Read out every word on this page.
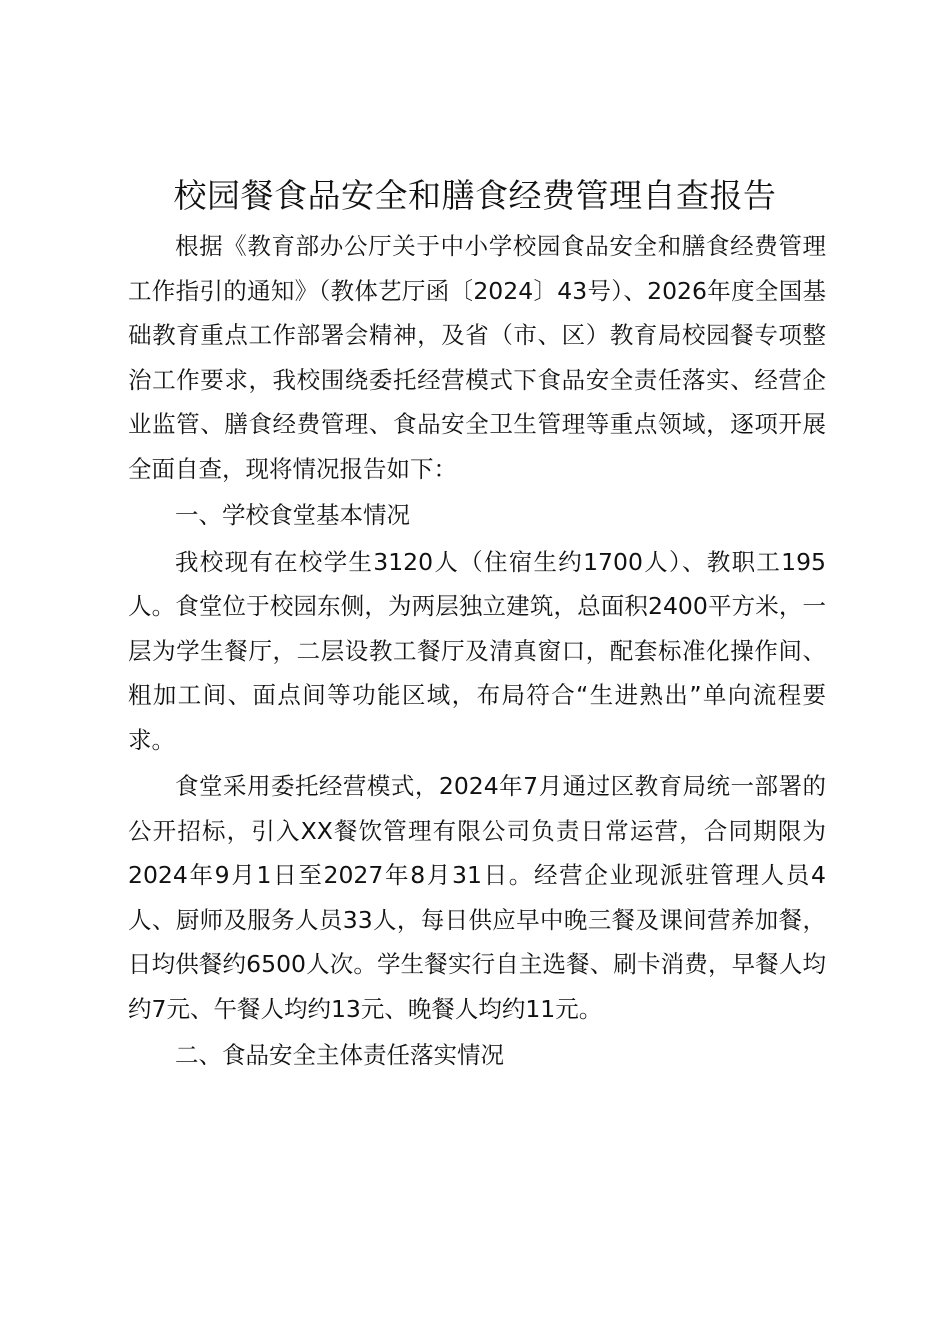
校园餐食品安全和膳食经费管理自查报告

根据《教育部办公厅关于中小学校园食品安全和膳食经费管理工作指引的通知》（教体艺厅函〔2024〕43号）、2026年度全国基础教育重点工作部署会精神，及省（市、区）教育局校园餐专项整治工作要求，我校围绕委托经营模式下食品安全责任落实、经营企业监管、膳食经费管理、食品安全卫生管理等重点领域，逐项开展全面自查，现将情况报告如下：

一、学校食堂基本情况

我校现有在校学生3120人（住宿生约1700人）、教职工195人。食堂位于校园东侧，为两层独立建筑，总面积2400平方米，一层为学生餐厅，二层设教工餐厅及清真窗口，配套标准化操作间、粗加工间、面点间等功能区域，布局符合“生进熟出”单向流程要求。

食堂采用委托经营模式，2024年7月通过区教育局统一部署的公开招标，引入XX餐饮管理有限公司负责日常运营，合同期限为2024年9月1日至2027年8月31日。经营企业现派驻管理人员4人、厨师及服务人员33人，每日供应早中晚三餐及课间营养加餐，日均供餐约6500人次。学生餐实行自主选餐、刷卡消费，早餐人均约7元、午餐人均约13元、晚餐人均约11元。

二、食品安全主体责任落实情况
